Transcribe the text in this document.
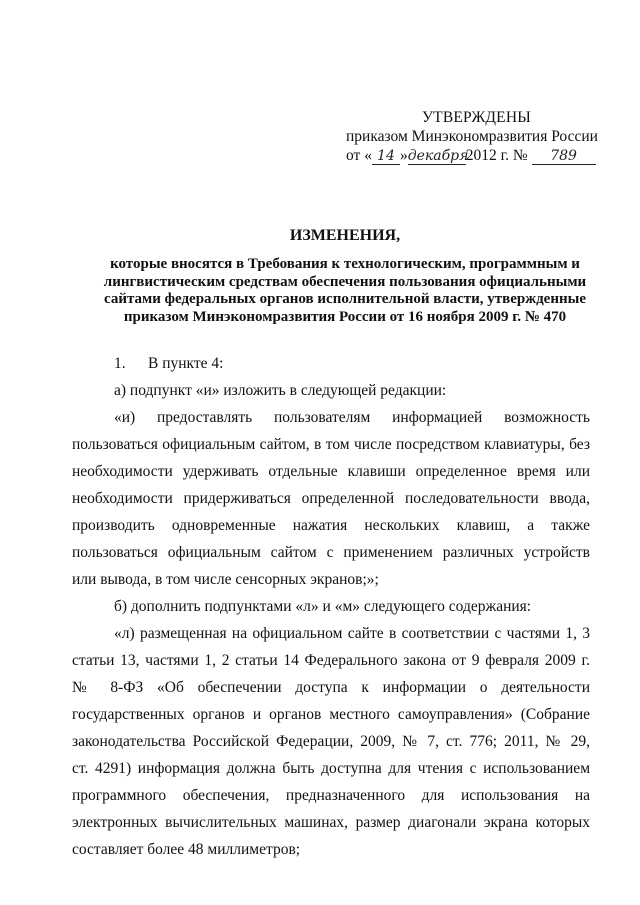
УТВЕРЖДЕНЫ
приказом Минэкономразвития России
от « 14 »декабря2012 г. № 789
ИЗМЕНЕНИЯ,
которые вносятся в Требования к технологическим, программным и
лингвистическим средствам обеспечения пользования официальными
сайтами федеральных органов исполнительной власти, утвержденные
приказом Минэкономразвития России от 16 ноября 2009 г. № 470
1. В пункте 4:
а) подпункт «и» изложить в следующей редакции:
«и) предоставлять пользователям информацией возможность
пользоваться официальным сайтом, в том числе посредством клавиатуры, без
необходимости удерживать отдельные клавиши определенное время или
необходимости придерживаться определенной последовательности ввода,
производить одновременные нажатия нескольких клавиш, а также
пользоваться официальным сайтом с применением различных устройств
или вывода, в том числе сенсорных экранов;»;
б) дополнить подпунктами «л» и «м» следующего содержания:
«л) размещенная на официальном сайте в соответствии с частями 1, 3
статьи 13, частями 1, 2 статьи 14 Федерального закона от 9 февраля 2009 г.
№ 8-ФЗ «Об обеспечении доступа к информации о деятельности
государственных органов и органов местного самоуправления» (Собрание
законодательства Российской Федерации, 2009, № 7, ст. 776; 2011, № 29,
ст. 4291) информация должна быть доступна для чтения с использованием
программного обеспечения, предназначенного для использования на
электронных вычислительных машинах, размер диагонали экрана которых
составляет более 48 миллиметров;
